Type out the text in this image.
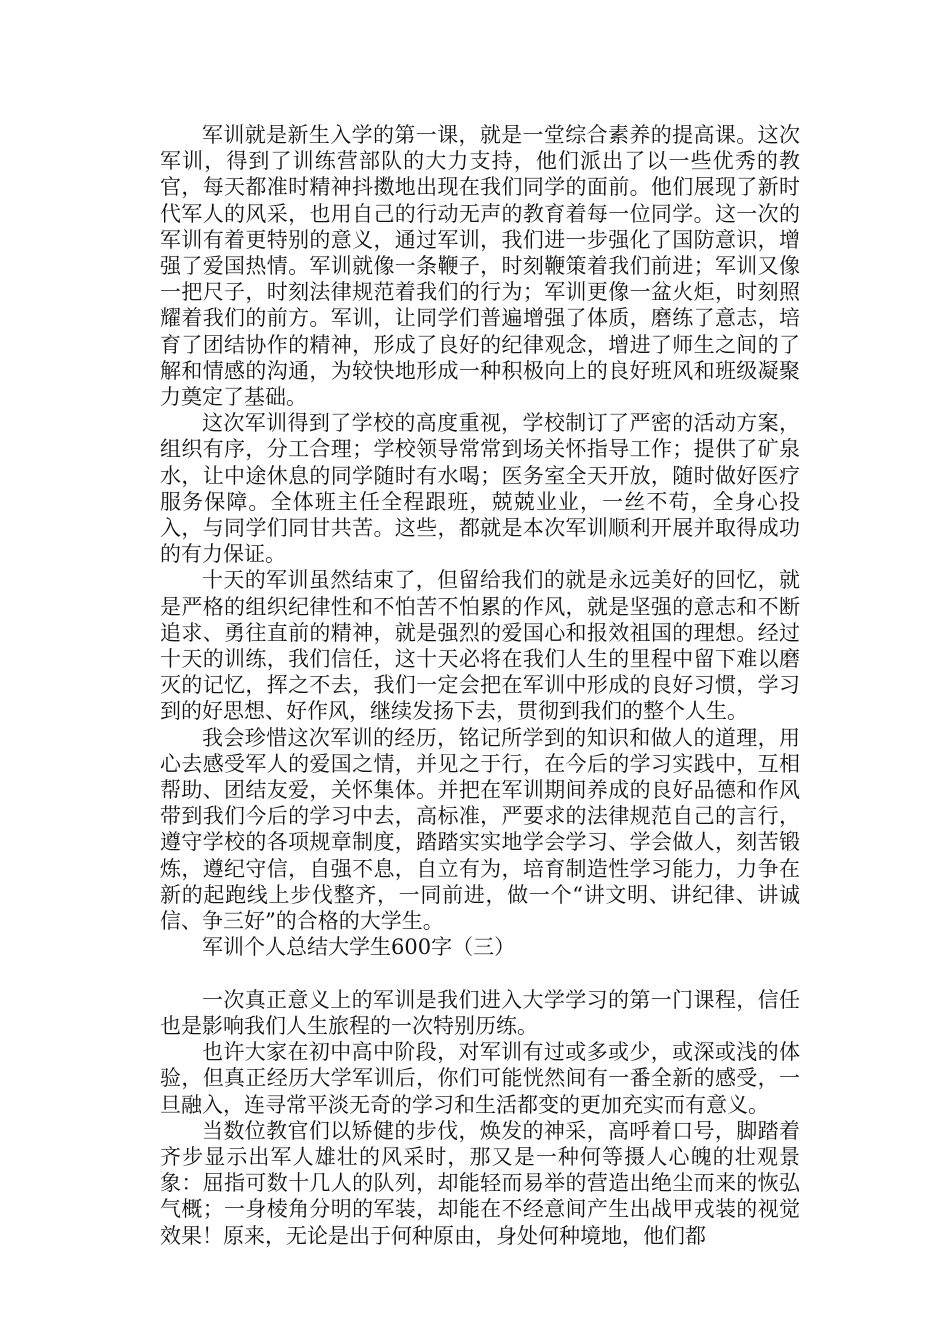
军训就是新生入学的第一课，就是一堂综合素养的提高课。这次军训，得到了训练营部队的大力支持，他们派出了以一些优秀的教官，每天都准时精神抖擞地出现在我们同学的面前。他们展现了新时代军人的风采，也用自己的行动无声的教育着每一位同学。这一次的军训有着更特别的意义，通过军训，我们进一步强化了国防意识，增强了爱国热情。军训就像一条鞭子，时刻鞭策着我们前进；军训又像一把尺子，时刻法律规范着我们的行为；军训更像一盆火炬，时刻照耀着我们的前方。军训，让同学们普遍增强了体质，磨练了意志，培育了团结协作的精神，形成了良好的纪律观念，增进了师生之间的了解和情感的沟通，为较快地形成一种积极向上的良好班风和班级凝聚力奠定了基础。

这次军训得到了学校的高度重视，学校制订了严密的活动方案，组织有序，分工合理；学校领导常常到场关怀指导工作；提供了矿泉水，让中途休息的同学随时有水喝；医务室全天开放，随时做好医疗服务保障。全体班主任全程跟班，兢兢业业，一丝不苟，全身心投入，与同学们同甘共苦。这些，都就是本次军训顺利开展并取得成功的有力保证。

十天的军训虽然结束了，但留给我们的就是永远美好的回忆，就是严格的组织纪律性和不怕苦不怕累的作风，就是坚强的意志和不断追求、勇往直前的精神，就是强烈的爱国心和报效祖国的理想。经过十天的训练，我们信任，这十天必将在我们人生的里程中留下难以磨灭的记忆，挥之不去，我们一定会把在军训中形成的良好习惯，学习到的好思想、好作风，继续发扬下去，贯彻到我们的整个人生。

我会珍惜这次军训的经历，铭记所学到的知识和做人的道理，用心去感受军人的爱国之情，并见之于行，在今后的学习实践中，互相帮助、团结友爱，关怀集体。并把在军训期间养成的良好品德和作风带到我们今后的学习中去，高标准，严要求的法律规范自己的言行，遵守学校的各项规章制度，踏踏实实地学会学习、学会做人，刻苦锻炼，遵纪守信，自强不息，自立有为，培育制造性学习能力，力争在新的起跑线上步伐整齐，一同前进，做一个“讲文明、讲纪律、讲诚信、争三好”的合格的大学生。

军训个人总结大学生600字（三）

一次真正意义上的军训是我们进入大学学习的第一门课程，信任也是影响我们人生旅程的一次特别历练。

也许大家在初中高中阶段，对军训有过或多或少，或深或浅的体验，但真正经历大学军训后，你们可能恍然间有一番全新的感受，一旦融入，连寻常平淡无奇的学习和生活都变的更加充实而有意义。

当数位教官们以矫健的步伐，焕发的神采，高呼着口号，脚踏着齐步显示出军人雄壮的风采时，那又是一种何等摄人心魄的壮观景象：屈指可数十几人的队列，却能轻而易举的营造出绝尘而来的恢弘气概；一身棱角分明的军装，却能在不经意间产生出战甲戎装的视觉效果！原来，无论是出于何种原由，身处何种境地，他们都
